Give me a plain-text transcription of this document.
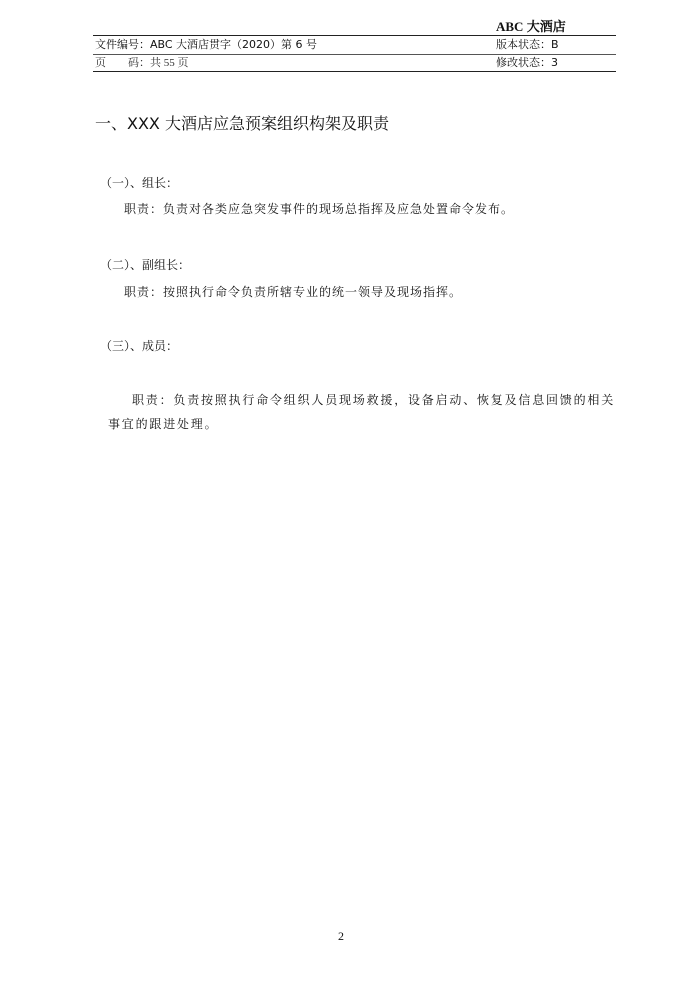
ABC 大酒店
文件编号：ABC 大酒店贯字（2020）第 6 号	版本状态：B
页　　码：共 55 页	修改状态：3
一、XXX 大酒店应急预案组织构架及职责
（一）、组长：
职责：负责对各类应急突发事件的现场总指挥及应急处置命令发布。
（二）、副组长：
职责：按照执行命令负责所辖专业的统一领导及现场指挥。
（三）、成员：
职责：负责按照执行命令组织人员现场救援，设备启动、恢复及信息回馈的相关事宜的跟进处理。
2
